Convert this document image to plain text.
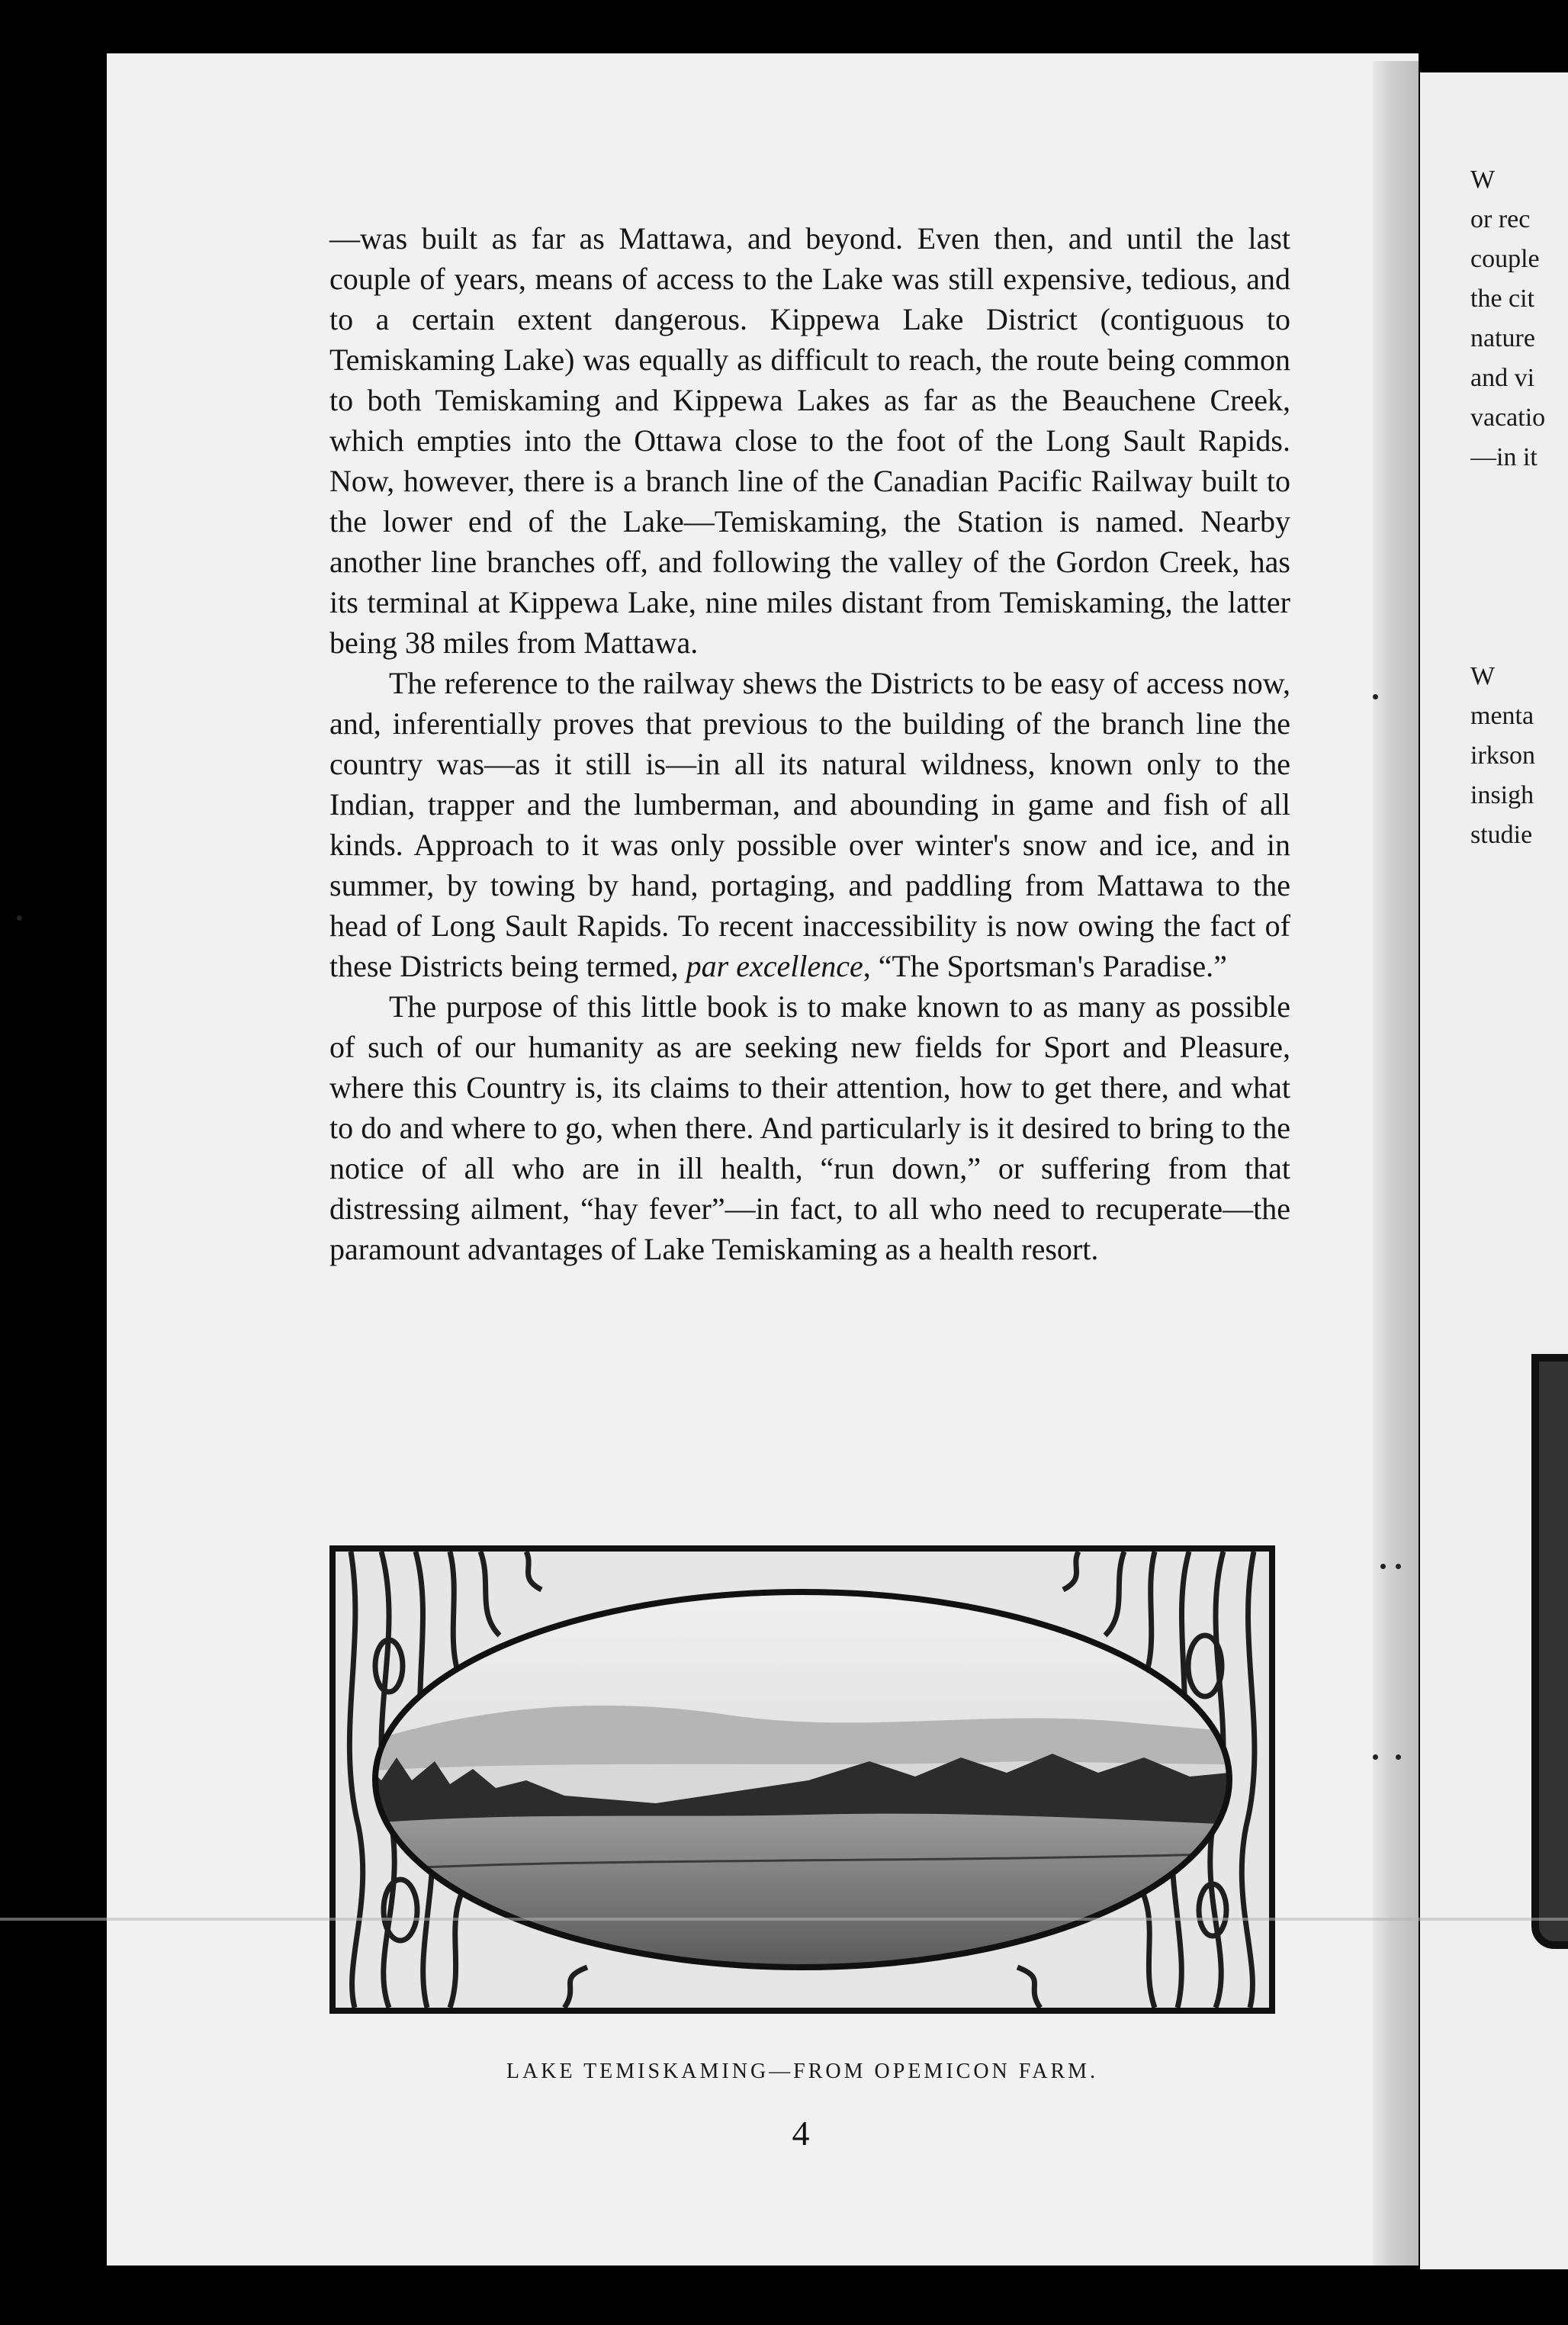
W
or rec
couple
the cit
nature
and vi
vacatio
—in it
W
menta
irkson
insigh
studie

—was built as far as Mattawa, and beyond. Even then, and until the last couple of years, means of access to the Lake was still expensive, tedious, and to a certain extent dangerous. Kippewa Lake District (contiguous to Temiskaming Lake) was equally as difficult to reach, the route being common to both Temiskaming and Kippewa Lakes as far as the Beauchene Creek, which empties into the Ottawa close to the foot of the Long Sault Rapids. Now, however, there is a branch line of the Canadian Pacific Railway built to the lower end of the Lake—Temiskaming, the Station is named. Nearby another line branches off, and following the valley of the Gordon Creek, has its terminal at Kippewa Lake, nine miles distant from Temiskaming, the latter being 38 miles from Mattawa.

The reference to the railway shews the Districts to be easy of access now, and, inferentially proves that previous to the building of the branch line the country was—as it still is—in all its natural wildness, known only to the Indian, trapper and the lumberman, and abounding in game and fish of all kinds. Approach to it was only possible over winter's snow and ice, and in summer, by towing by hand, portaging, and paddling from Mattawa to the head of Long Sault Rapids. To recent inaccessibility is now owing the fact of these Districts being termed, par excellence, “The Sportsman's Paradise.”

The purpose of this little book is to make known to as many as possible of such of our humanity as are seeking new fields for Sport and Pleasure, where this Country is, its claims to their attention, how to get there, and what to do and where to go, when there. And particularly is it desired to bring to the notice of all who are in ill health, “run down,” or suffering from that distressing ailment, “hay fever”—in fact, to all who need to recuperate—the paramount advantages of Lake Temiskaming as a health resort.

LAKE TEMISKAMING—FROM OPEMICON FARM.
4
